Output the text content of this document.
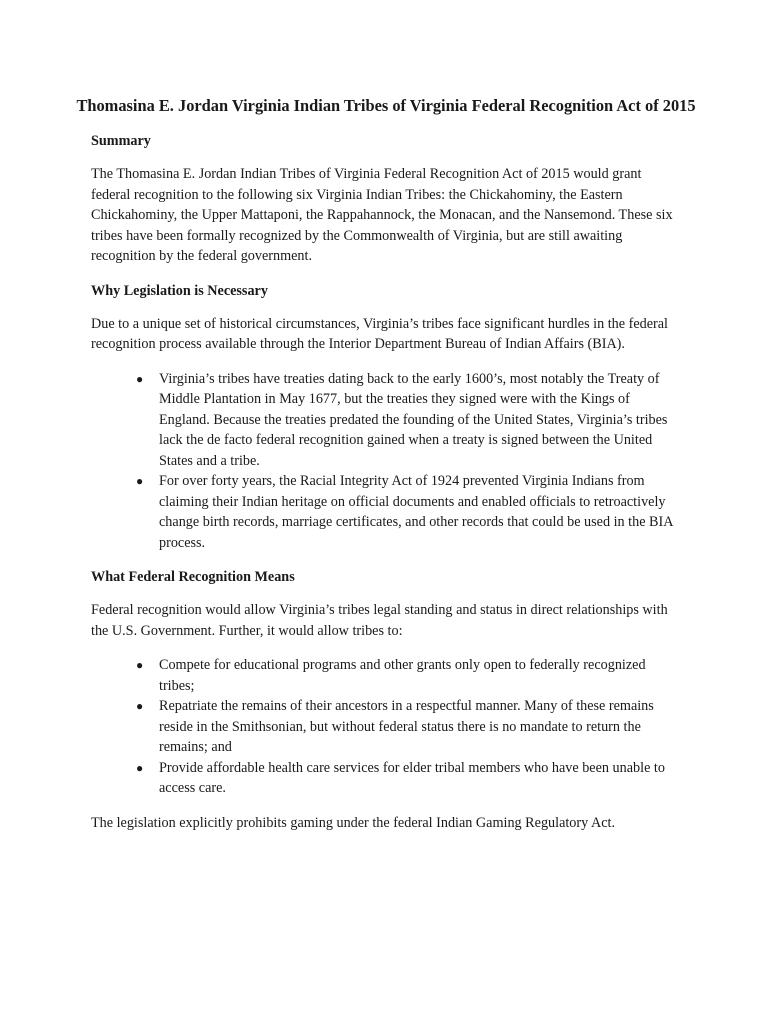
Thomasina E. Jordan Virginia Indian Tribes of Virginia Federal Recognition Act of 2015
Summary

The Thomasina E. Jordan Indian Tribes of Virginia Federal Recognition Act of 2015 would grant federal recognition to the following six Virginia Indian Tribes: the Chickahominy, the Eastern Chickahominy, the Upper Mattaponi, the Rappahannock, the Monacan, and the Nansemond. These six tribes have been formally recognized by the Commonwealth of Virginia, but are still awaiting recognition by the federal government.

Why Legislation is Necessary

Due to a unique set of historical circumstances, Virginia’s tribes face significant hurdles in the federal recognition process available through the Interior Department Bureau of Indian Affairs (BIA).

● Virginia’s tribes have treaties dating back to the early 1600’s, most notably the Treaty of Middle Plantation in May 1677, but the treaties they signed were with the Kings of England. Because the treaties predated the founding of the United States, Virginia’s tribes lack the de facto federal recognition gained when a treaty is signed between the United States and a tribe.
● For over forty years, the Racial Integrity Act of 1924 prevented Virginia Indians from claiming their Indian heritage on official documents and enabled officials to retroactively change birth records, marriage certificates, and other records that could be used in the BIA process.
What Federal Recognition Means

Federal recognition would allow Virginia’s tribes legal standing and status in direct relationships with the U.S. Government. Further, it would allow tribes to:

● Compete for educational programs and other grants only open to federally recognized tribes;
● Repatriate the remains of their ancestors in a respectful manner. Many of these remains reside in the Smithsonian, but without federal status there is no mandate to return the remains; and
● Provide affordable health care services for elder tribal members who have been unable to access care.

The legislation explicitly prohibits gaming under the federal Indian Gaming Regulatory Act.
